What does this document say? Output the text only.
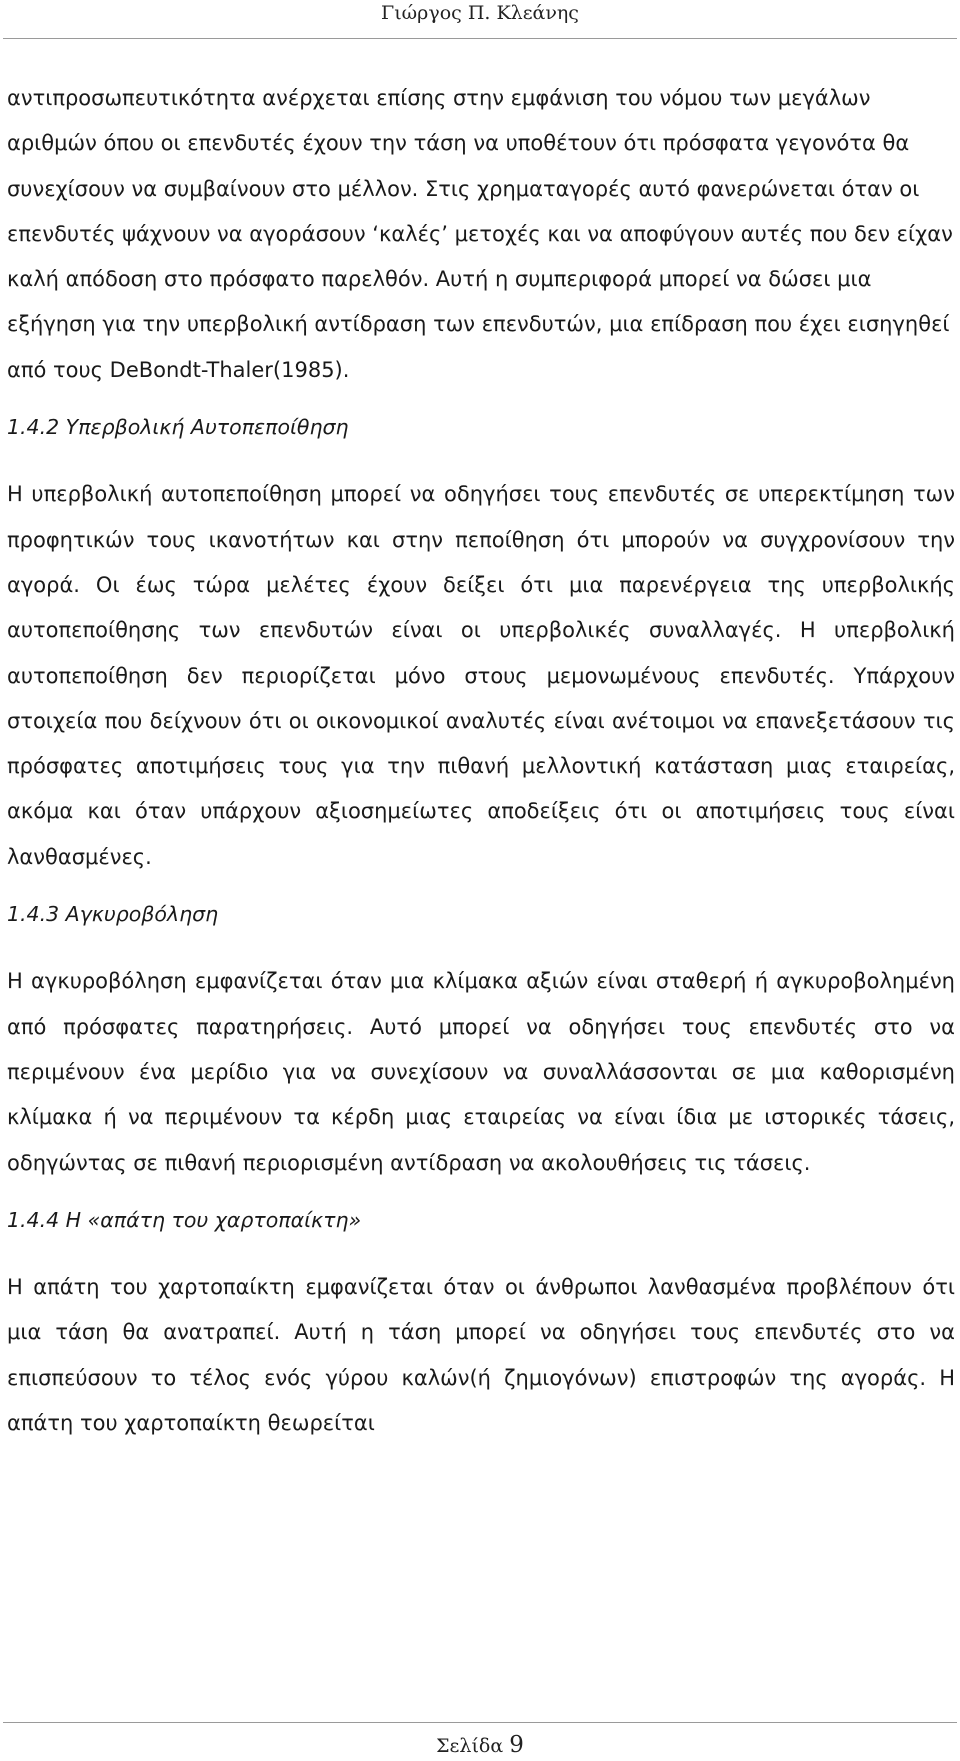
Γιώργος Π. Κλεάνης

αντιπροσωπευτικότητα ανέρχεται επίσης στην εμφάνιση του νόμου των μεγάλων αριθμών όπου οι επενδυτές έχουν την τάση να υποθέτουν ότι πρόσφατα γεγονότα θα συνεχίσουν να συμβαίνουν στο μέλλον. Στις χρηματαγορές αυτό φανερώνεται όταν οι επενδυτές ψάχνουν να αγοράσουν ‘καλές’ μετοχές και να αποφύγουν αυτές που δεν είχαν καλή απόδοση στο πρόσφατο παρελθόν. Αυτή η συμπεριφορά μπορεί να δώσει μια εξήγηση για την υπερβολική αντίδραση των επενδυτών, μια επίδραση που έχει εισηγηθεί από τους DeBondt-Thaler(1985).

1.4.2 Υπερβολική Αυτοπεποίθηση

Η υπερβολική αυτοπεποίθηση μπορεί να οδηγήσει τους επενδυτές σε υπερεκτίμηση των προφητικών τους ικανοτήτων και στην πεποίθηση ότι μπορούν να συγχρονίσουν την αγορά. Οι έως τώρα μελέτες έχουν δείξει ότι μια παρενέργεια της υπερβολικής αυτοπεποίθησης των επενδυτών είναι οι υπερβολικές συναλλαγές. Η υπερβολική αυτοπεποίθηση δεν περιορίζεται μόνο στους μεμονωμένους επενδυτές. Υπάρχουν στοιχεία που δείχνουν ότι οι οικονομικοί αναλυτές είναι ανέτοιμοι να επανεξετάσουν τις πρόσφατες αποτιμήσεις τους για την πιθανή μελλοντική κατάσταση μιας εταιρείας, ακόμα και όταν υπάρχουν αξιοσημείωτες αποδείξεις ότι οι αποτιμήσεις τους είναι λανθασμένες.

1.4.3 Αγκυροβόληση

Η αγκυροβόληση εμφανίζεται όταν μια κλίμακα αξιών είναι σταθερή ή αγκυροβολημένη από πρόσφατες παρατηρήσεις. Αυτό μπορεί να οδηγήσει τους επενδυτές στο να περιμένουν ένα μερίδιο για να συνεχίσουν να συναλλάσσονται σε μια καθορισμένη κλίμακα ή να περιμένουν τα κέρδη μιας εταιρείας να είναι ίδια με ιστορικές τάσεις, οδηγώντας σε πιθανή περιορισμένη αντίδραση να ακολουθήσεις τις τάσεις.

1.4.4 Η «απάτη του χαρτοπαίκτη»

Η απάτη του χαρτοπαίκτη εμφανίζεται όταν οι άνθρωποι λανθασμένα προβλέπουν ότι μια τάση θα ανατραπεί. Αυτή η τάση μπορεί να οδηγήσει τους επενδυτές στο να επισπεύσουν το τέλος ενός γύρου καλών(ή ζημιογόνων) επιστροφών της αγοράς. Η απάτη του χαρτοπαίκτη θεωρείται

Σελίδα 9
